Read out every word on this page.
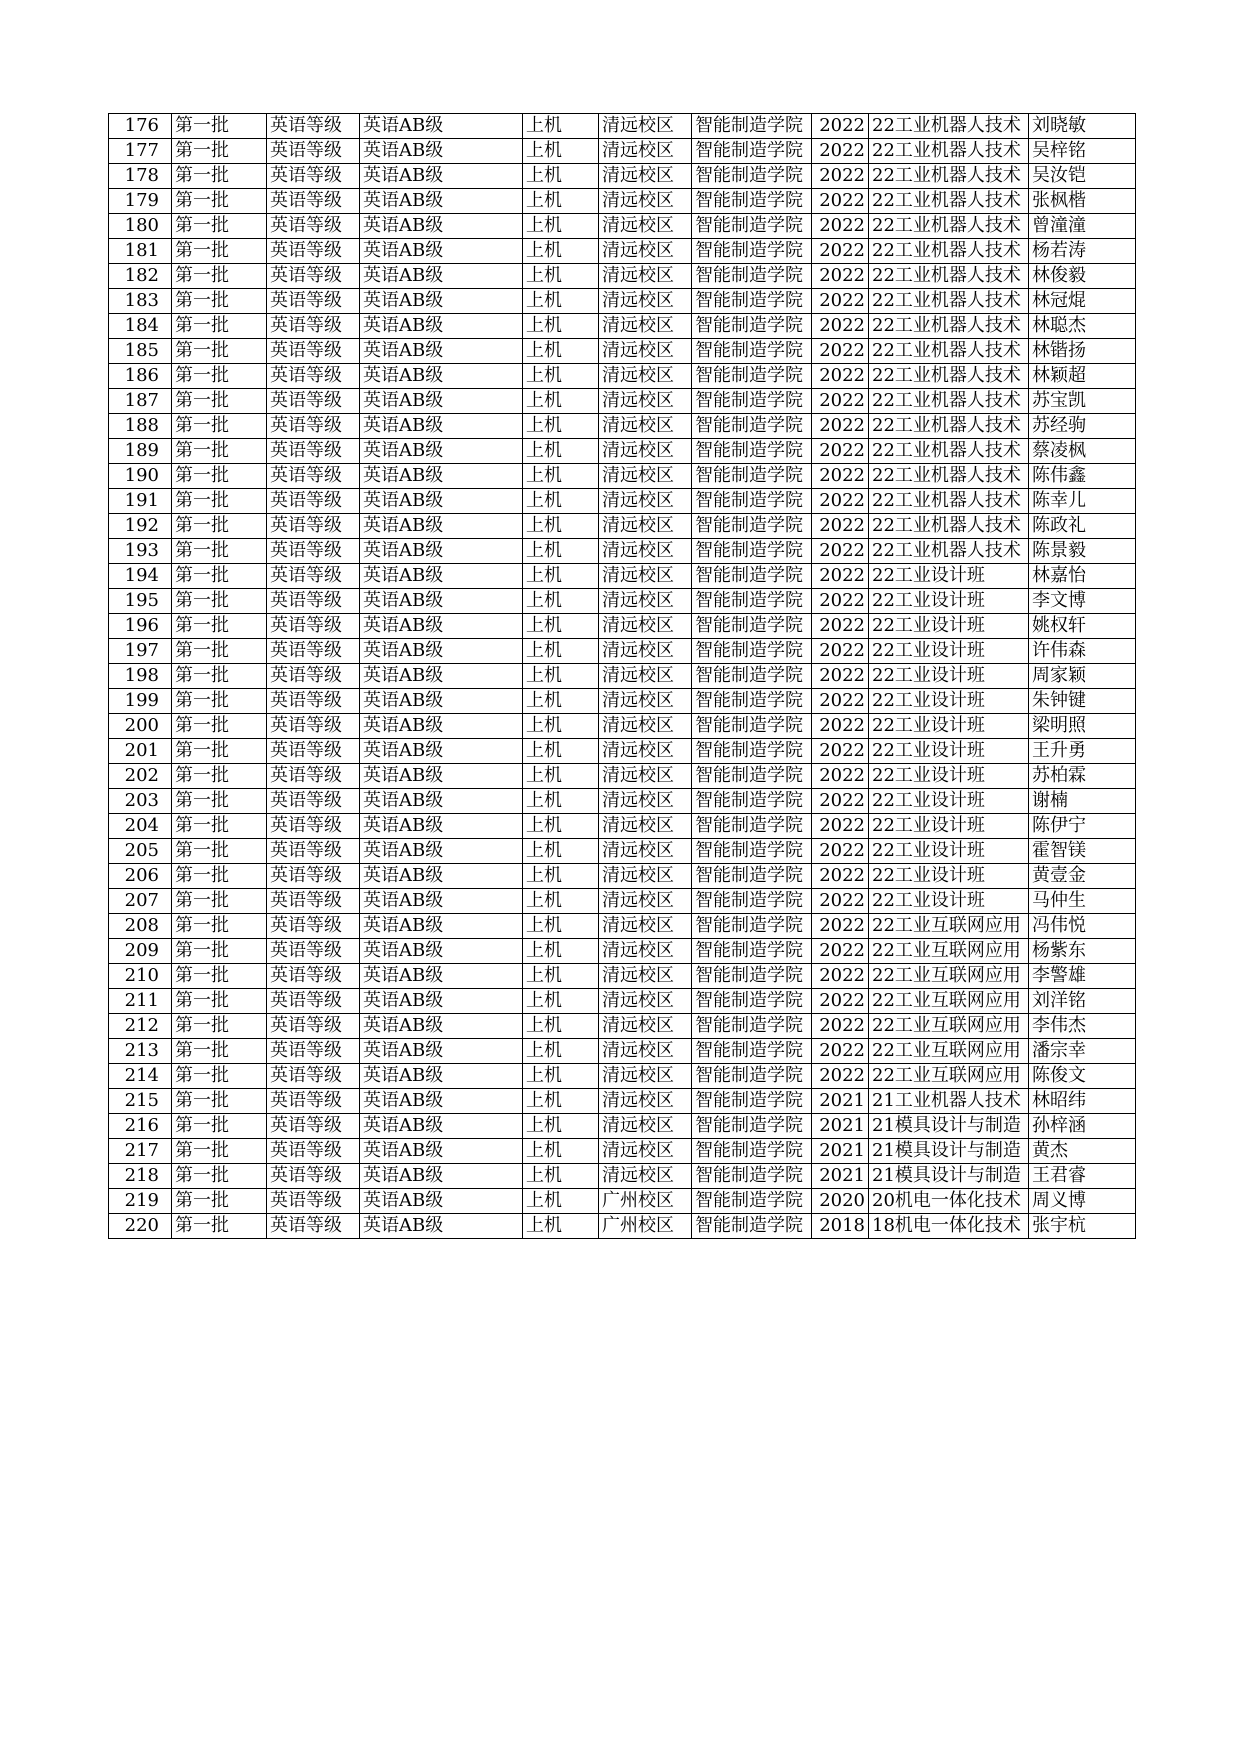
176	第一批	英语等级	英语AB级	上机	清远校区	智能制造学院	2022	22工业机器人技术	刘晓敏
177	第一批	英语等级	英语AB级	上机	清远校区	智能制造学院	2022	22工业机器人技术	吴梓铭
178	第一批	英语等级	英语AB级	上机	清远校区	智能制造学院	2022	22工业机器人技术	吴汝铠
179	第一批	英语等级	英语AB级	上机	清远校区	智能制造学院	2022	22工业机器人技术	张枫楷
180	第一批	英语等级	英语AB级	上机	清远校区	智能制造学院	2022	22工业机器人技术	曾潼潼
181	第一批	英语等级	英语AB级	上机	清远校区	智能制造学院	2022	22工业机器人技术	杨若涛
182	第一批	英语等级	英语AB级	上机	清远校区	智能制造学院	2022	22工业机器人技术	林俊毅
183	第一批	英语等级	英语AB级	上机	清远校区	智能制造学院	2022	22工业机器人技术	林冠焜
184	第一批	英语等级	英语AB级	上机	清远校区	智能制造学院	2022	22工业机器人技术	林聪杰
185	第一批	英语等级	英语AB级	上机	清远校区	智能制造学院	2022	22工业机器人技术	林锴扬
186	第一批	英语等级	英语AB级	上机	清远校区	智能制造学院	2022	22工业机器人技术	林颖超
187	第一批	英语等级	英语AB级	上机	清远校区	智能制造学院	2022	22工业机器人技术	苏宝凯
188	第一批	英语等级	英语AB级	上机	清远校区	智能制造学院	2022	22工业机器人技术	苏经驹
189	第一批	英语等级	英语AB级	上机	清远校区	智能制造学院	2022	22工业机器人技术	蔡凌枫
190	第一批	英语等级	英语AB级	上机	清远校区	智能制造学院	2022	22工业机器人技术	陈伟鑫
191	第一批	英语等级	英语AB级	上机	清远校区	智能制造学院	2022	22工业机器人技术	陈幸儿
192	第一批	英语等级	英语AB级	上机	清远校区	智能制造学院	2022	22工业机器人技术	陈政礼
193	第一批	英语等级	英语AB级	上机	清远校区	智能制造学院	2022	22工业机器人技术	陈景毅
194	第一批	英语等级	英语AB级	上机	清远校区	智能制造学院	2022	22工业设计班	林嘉怡
195	第一批	英语等级	英语AB级	上机	清远校区	智能制造学院	2022	22工业设计班	李文博
196	第一批	英语等级	英语AB级	上机	清远校区	智能制造学院	2022	22工业设计班	姚权轩
197	第一批	英语等级	英语AB级	上机	清远校区	智能制造学院	2022	22工业设计班	许伟森
198	第一批	英语等级	英语AB级	上机	清远校区	智能制造学院	2022	22工业设计班	周家颖
199	第一批	英语等级	英语AB级	上机	清远校区	智能制造学院	2022	22工业设计班	朱钟键
200	第一批	英语等级	英语AB级	上机	清远校区	智能制造学院	2022	22工业设计班	梁明照
201	第一批	英语等级	英语AB级	上机	清远校区	智能制造学院	2022	22工业设计班	王升勇
202	第一批	英语等级	英语AB级	上机	清远校区	智能制造学院	2022	22工业设计班	苏柏霖
203	第一批	英语等级	英语AB级	上机	清远校区	智能制造学院	2022	22工业设计班	谢楠
204	第一批	英语等级	英语AB级	上机	清远校区	智能制造学院	2022	22工业设计班	陈伊宁
205	第一批	英语等级	英语AB级	上机	清远校区	智能制造学院	2022	22工业设计班	霍智镁
206	第一批	英语等级	英语AB级	上机	清远校区	智能制造学院	2022	22工业设计班	黄壹金
207	第一批	英语等级	英语AB级	上机	清远校区	智能制造学院	2022	22工业设计班	马仲生
208	第一批	英语等级	英语AB级	上机	清远校区	智能制造学院	2022	22工业互联网应用	冯伟悦
209	第一批	英语等级	英语AB级	上机	清远校区	智能制造学院	2022	22工业互联网应用	杨紫东
210	第一批	英语等级	英语AB级	上机	清远校区	智能制造学院	2022	22工业互联网应用	李警雄
211	第一批	英语等级	英语AB级	上机	清远校区	智能制造学院	2022	22工业互联网应用	刘洋铭
212	第一批	英语等级	英语AB级	上机	清远校区	智能制造学院	2022	22工业互联网应用	李伟杰
213	第一批	英语等级	英语AB级	上机	清远校区	智能制造学院	2022	22工业互联网应用	潘宗幸
214	第一批	英语等级	英语AB级	上机	清远校区	智能制造学院	2022	22工业互联网应用	陈俊文
215	第一批	英语等级	英语AB级	上机	清远校区	智能制造学院	2021	21工业机器人技术	林昭纬
216	第一批	英语等级	英语AB级	上机	清远校区	智能制造学院	2021	21模具设计与制造	孙梓涵
217	第一批	英语等级	英语AB级	上机	清远校区	智能制造学院	2021	21模具设计与制造	黄杰
218	第一批	英语等级	英语AB级	上机	清远校区	智能制造学院	2021	21模具设计与制造	王君睿
219	第一批	英语等级	英语AB级	上机	广州校区	智能制造学院	2020	20机电一体化技术	周义博
220	第一批	英语等级	英语AB级	上机	广州校区	智能制造学院	2018	18机电一体化技术	张宇杭
